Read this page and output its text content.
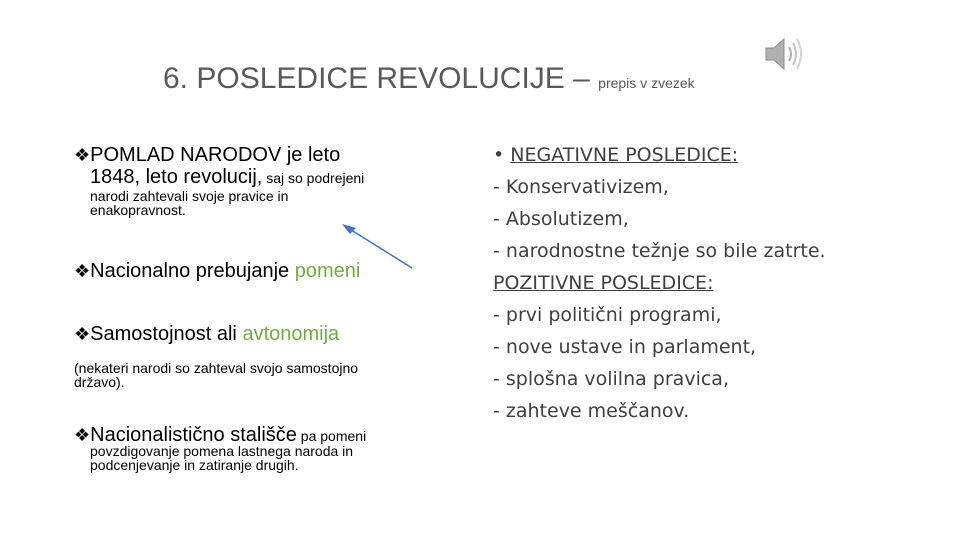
6. POSLEDICE REVOLUCIJE – prepis v zvezek
❖POMLAD NARODOV je leto
1848, leto revolucij, saj so podrejeni
narodi zahtevali svoje pravice in
enakopravnost.
❖Nacionalno prebujanje pomeni
❖Samostojnost ali avtonomija
(nekateri narodi so zahteval svojo samostojno
državo).
❖Nacionalistično stališče pa pomeni
povzdigovanje pomena lastnega naroda in
podcenjevanje in zatiranje drugih.
• NEGATIVNE POSLEDICE:
- Konservativizem,
- Absolutizem,
- narodnostne težnje so bile zatrte.
POZITIVNE POSLEDICE:
- prvi politični programi,
- nove ustave in parlament,
- splošna volilna pravica,
- zahteve meščanov.
